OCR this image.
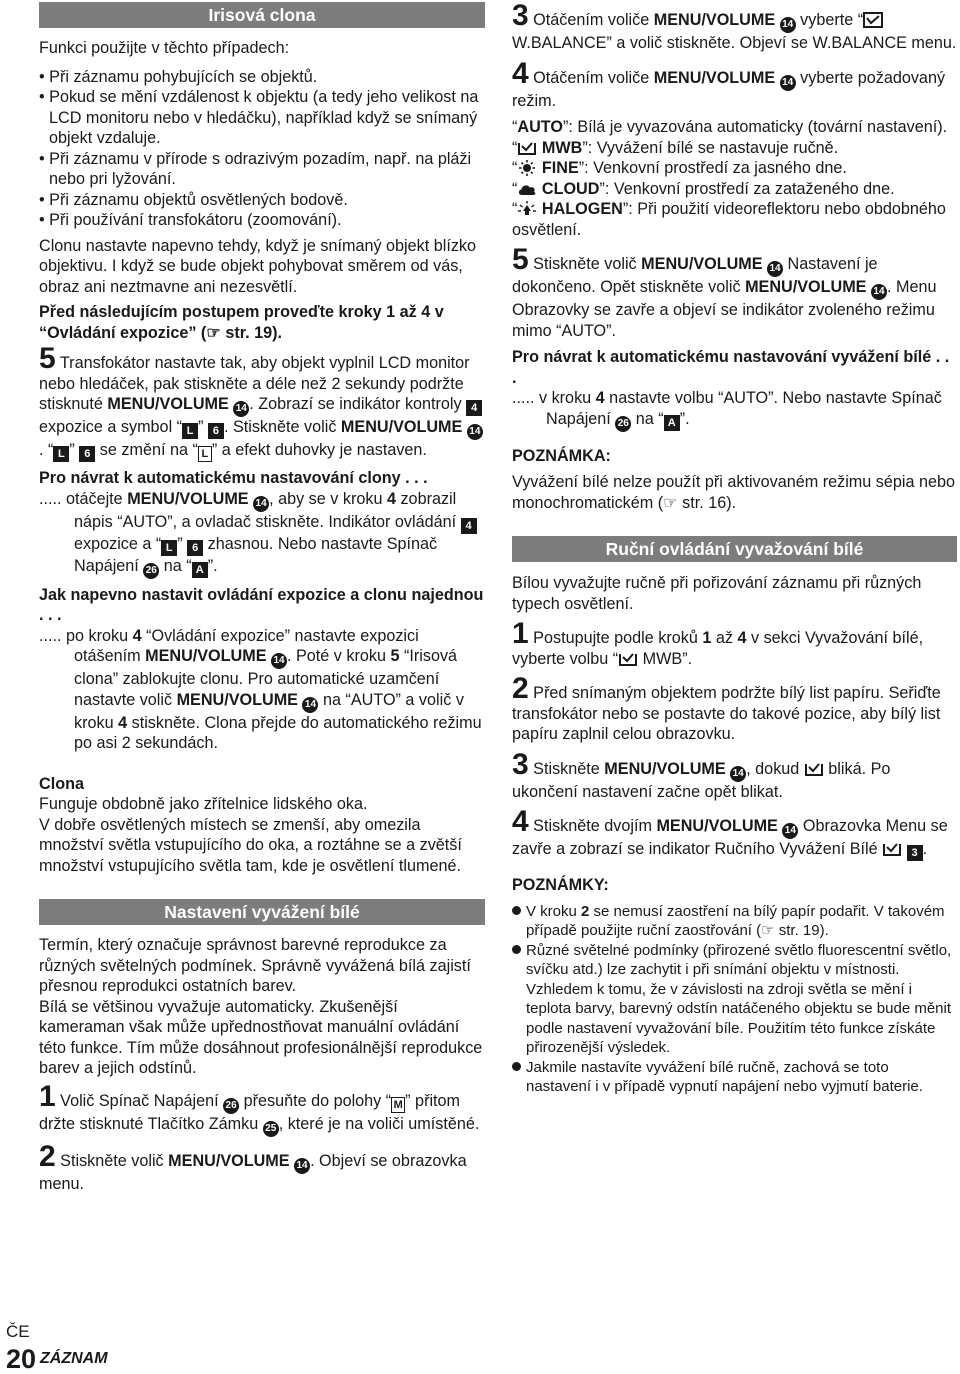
Irisová clona

Funkci použijte v těchto případech:

• Při záznamu pohybujících se objektů.

• Pokud se mění vzdálenost k objektu (a tedy jeho velikost na LCD monitoru nebo v hledáčku), například když se snímaný objekt vzdaluje.

• Při záznamu v přírode s odrazivým pozadím, např. na pláži nebo pri lyžování.

• Při záznamu objektů osvětlených bodově.

• Při používání transfokátoru (zoomování).

Clonu nastavte napevno tehdy, když je snímaný objekt blízko objektivu. I když se bude objekt pohybovat směrem od vás, obraz ani neztmavne ani nezesvětlí.

Před následujícím postupem proveďte kroky 1 až 4 v “Ovládání expozice” (☞ str. 19).

5 Transfokátor nastavte tak, aby objekt vyplnil LCD monitor nebo hledáček, pak stiskněte a déle než 2 sekundy podržte stisknuté MENU/VOLUME 14 . Zobrazí se indikátor kontroly 4 expozice a symbol “ L ” 6 . Stiskněte volič MENU/VOLUME 14. “ L ” 6 se změní na “ L ” a efekt duhovky je nastaven.

Pro návrat k automatickému nastavování clony . . .

..... otáčejte MENU/VOLUME 14 , aby se v kroku 4 zobrazil nápis “AUTO”, a ovladač stiskněte. Indikátor ovládání 4 expozice a “ L ” 6 zhasnou. Nebo nastavte Spínač Napájení 26 na “ A ”.

Jak napevno nastavit ovládání expozice a clonu najednou . . .

..... po kroku 4 “Ovládání expozice” nastavte expozici otášením MENU/VOLUME 14 . Poté v kroku 5 “Irisová clona” zablokujte clonu. Pro automatické uzamčení nastavte volič MENU/VOLUME 14 na “AUTO” a volič v kroku 4 stiskněte. Clona přejde do automatického režimu po asi 2 sekundách.

Clona

Funguje obdobně jako zřítelnice lidského oka.

V dobře osvětlených místech se zmenší, aby omezila množství světla vstupujícího do oka, a roztáhne se a zvětší množství vstupujícího světla tam, kde je osvětlení tlumené.

Nastavení vyvážení bílé

Termín, který označuje správnost barevné reprodukce za různých světelných podmínek. Správně vyvážená bílá zajistí přesnou reprodukci ostatních barev.

Bílá se většinou vyvažuje automaticky. Zkušenější kameraman však může upřednostňovat manuální ovládání této funkce. Tím může dosáhnout profesionálnější reprodukce barev a jejich odstínů.

1 Volič Spínač Napájení 26 přesuňte do polohy “ M ” přitom držte stisknuté Tlačítko Zámku 25 , které je na voliči umístěné.

2 Stiskněte volič MENU/VOLUME 14 . Objeví se obrazovka menu.

3 Otáčením voliče MENU/VOLUME 14 vyberte “ W.BALANCE” a volič stiskněte. Objeví se W.BALANCE menu.

4 Otáčením voliče MENU/VOLUME 14 vyberte požadovaný režim.

“AUTO”: Bílá je vyvazována automaticky (tovární nastavení).

“ MWB”: Vyvážení bílé se nastavuje ručně.

“ FINE”: Venkovní prostředí za jasného dne.

“ CLOUD”: Venkovní prostředí za zataženého dne.

“ HALOGEN”: Při použití videoreflektoru nebo obdobného osvětlení.

5 Stiskněte volič MENU/VOLUME 14 Nastavení je dokončeno. Opět stiskněte volič MENU/VOLUME 14 . Menu Obrazovky se zavře a objeví se indikátor zvoleného režimu mimo “AUTO”.

Pro návrat k automatickému nastavování vyvážení bílé . . .

..... v kroku 4 nastavte volbu “AUTO”. Nebo nastavte Spínač Napájení 26 na “ A ”.

POZNÁMKA:

Vyvážení bílé nelze použít při aktivovaném režimu sépia nebo monochromatickém (☞ str. 16).

Ruční ovládání vyvažování bílé

Bílou vyvažujte ručně při pořizování záznamu při různých typech osvětlení.

1 Postupujte podle kroků 1 až 4 v sekci Vyvažování bílé, vyberte volbu “ MWB”.

2 Před snímaným objektem podržte bílý list papíru. Seřiďte transfokátor nebo se postavte do takové pozice, aby bílý list papíru zaplnil celou obrazovku.

3 Stiskněte MENU/VOLUME 14 , dokud  bliká. Po ukončení nastavení začne opět blikat.

4 Stiskněte dvojím MENU/VOLUME 14 Obrazovka Menu se zavře a zobrazí se indikator Ručního Vyvážení Bílé	3 .

POZNÁMKY:

V kroku 2 se nemusí zaostření na bílý papír podařit. V takovém případě použijte ruční zaostřování (☞ str. 19).

Různé světelné podmínky (přirozené světlo fluorescentní světlo, svíčku atd.) lze zachytit i při snímání objektu v místnosti. Vzhledem k tomu, že v závislosti na zdroji světla se mění i teplota barvy, barevný odstín natáčeného objektu se bude měnit podle nastavení vyvažování bíle. Použitím této funkce získáte přirozenější výsledek.

Jakmile nastavíte vyvážení bílé ručně, zachová se toto nastavení i v případě vypnutí napájení nebo vyjmutí baterie.

ČE
20 ZÁZNAM
